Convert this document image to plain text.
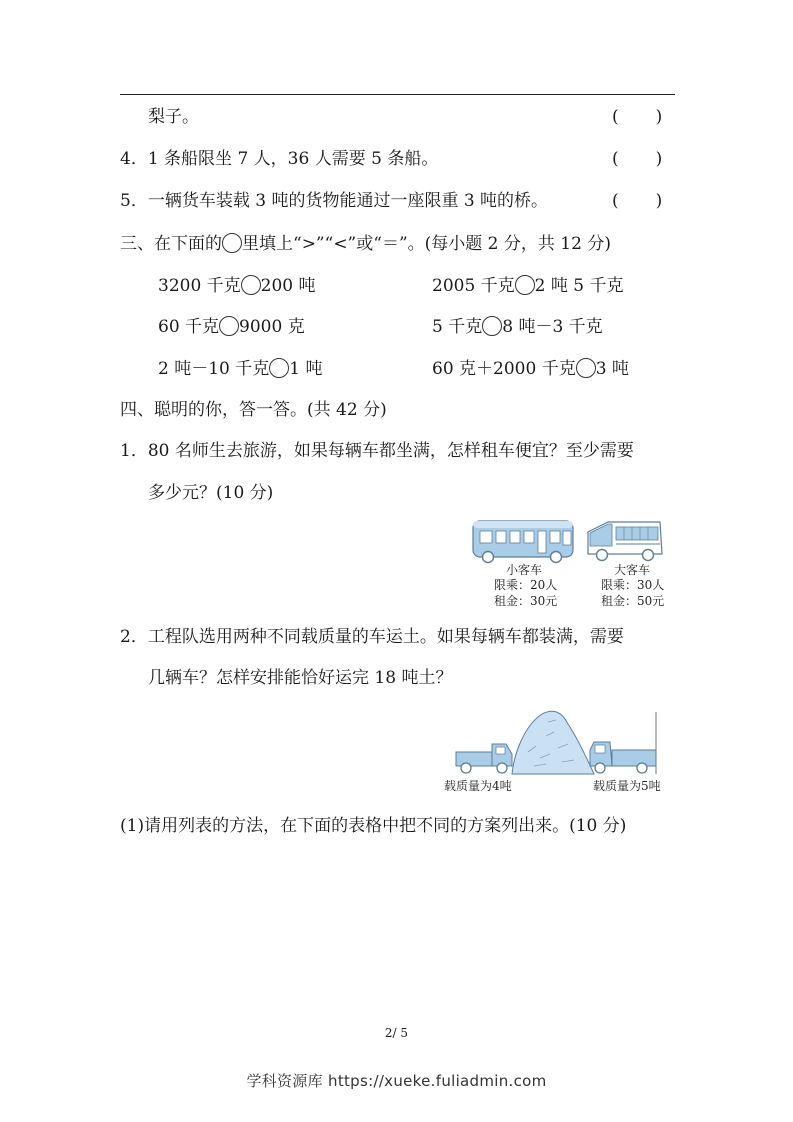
梨子。	(　　)
4．1 条船限坐 7 人，36 人需要 5 条船。	(　　)
5．一辆货车装载 3 吨的货物能通过一座限重 3 吨的桥。	(　　)
三、在下面的 里填上“>”“<”或“＝”。(每小题 2 分，共 12 分)
3200 千克 200 吨	2005 千克 2 吨 5 千克
60 千克 9000 克	5 千克 8 吨－3 千克
2 吨－10 千克 1 吨	60 克＋2000 千克 3 吨
四、聪明的你，答一答。(共 42 分)
1．80 名师生去旅游，如果每辆车都坐满，怎样租车便宜？至少需要
多少元？(10 分)
小客车
限乘：20人
租金：30元
大客车
限乘：30人
租金：50元
2．工程队选用两种不同载质量的车运土。如果每辆车都装满，需要
几辆车？怎样安排能恰好运完 18 吨土？
载质量为4吨	载质量为5吨
(1)请用列表的方法，在下面的表格中把不同的方案列出来。(10 分)
2/ 5
学科资源库 https://xueke.fuliadmin.com
